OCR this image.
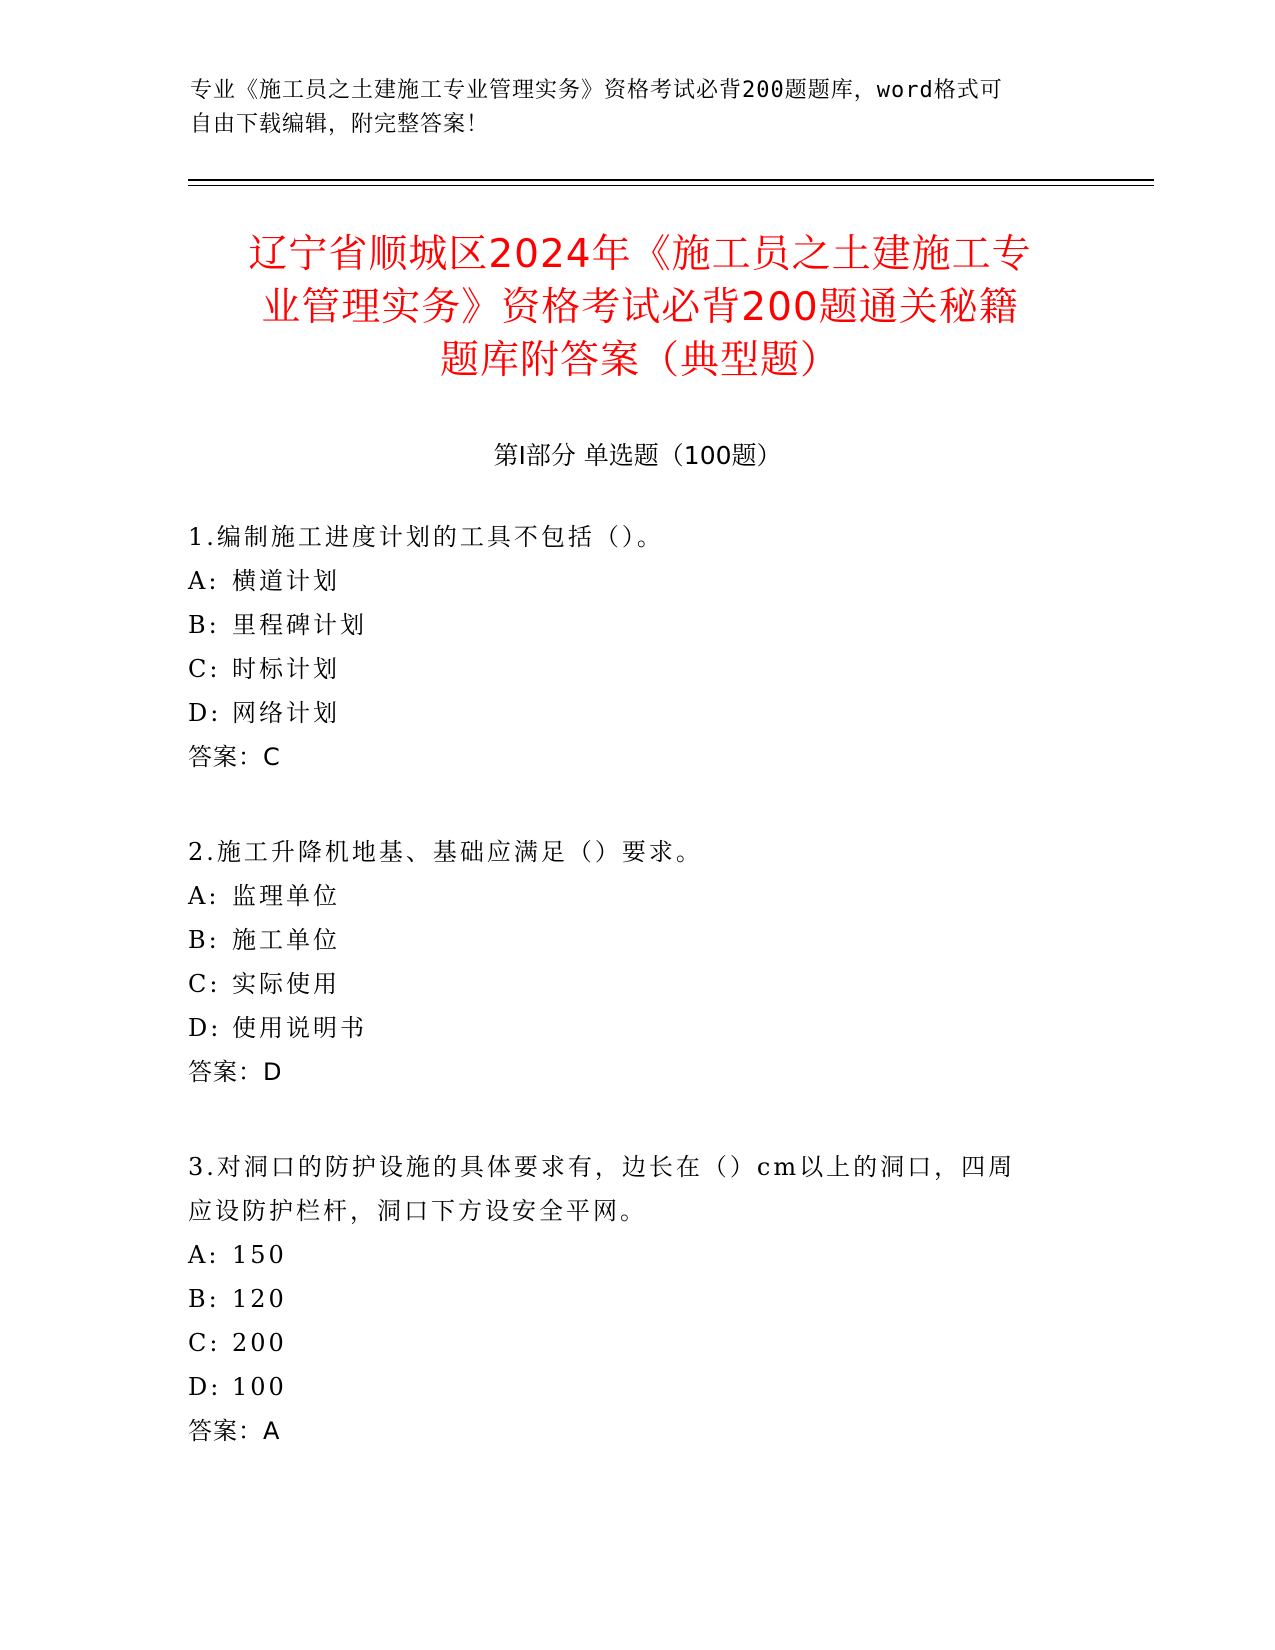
专业《施工员之土建施工专业管理实务》资格考试必背200题题库，word格式可
自由下载编辑，附完整答案！
辽宁省顺城区2024年《施工员之土建施工专
业管理实务》资格考试必背200题通关秘籍
题库附答案（典型题）
第Ⅰ部分 单选题（100题）
1.编制施工进度计划的工具不包括（）。
A: 横道计划
B: 里程碑计划
C: 时标计划
D: 网络计划
答案：C
2.施工升降机地基、基础应满足（）要求。
A: 监理单位
B: 施工单位
C: 实际使用
D: 使用说明书
答案：D
3.对洞口的防护设施的具体要求有，边长在（）cm以上的洞口，四周
应设防护栏杆，洞口下方设安全平网。
A: 150
B: 120
C: 200
D: 100
答案：A
